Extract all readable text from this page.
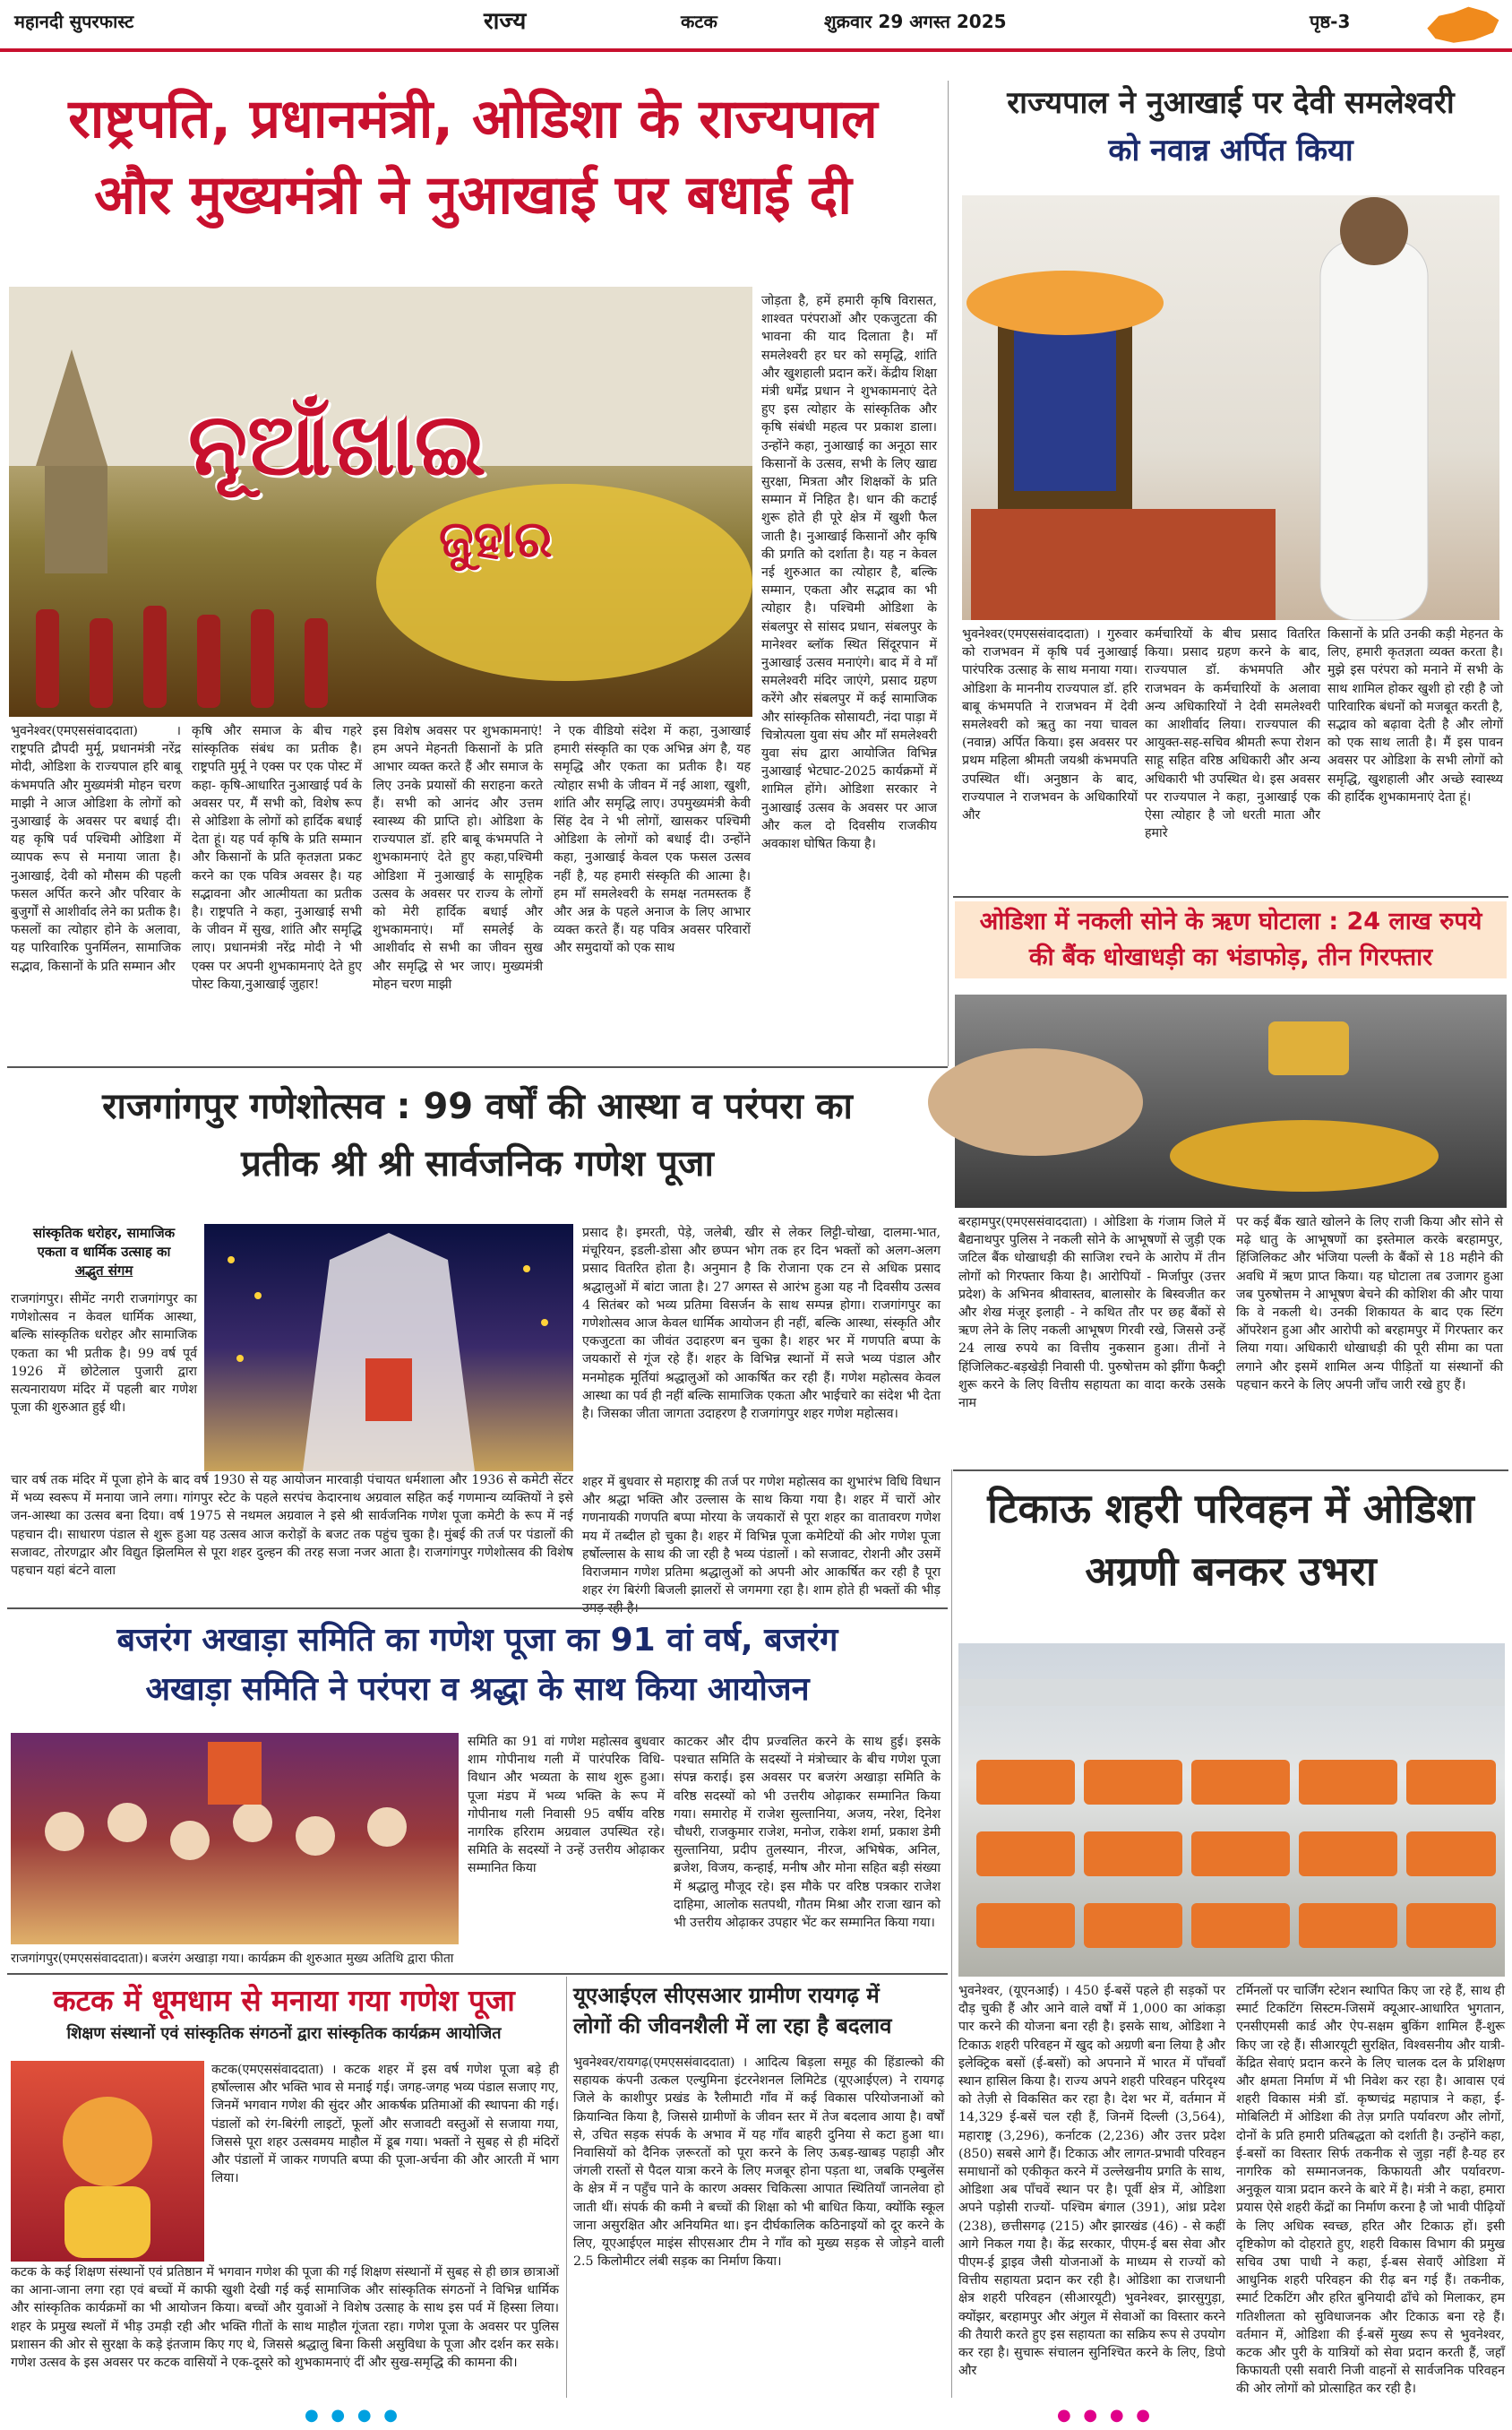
महानदी सुपरफास्ट	राज्य	कटक	शुक्रवार 29 अगस्त 2025	पृष्ठ-3

राष्ट्रपति, प्रधानमंत्री, ओडिशा के राज्यपाल

और मुख्यमंत्री ने नुआखाई पर बधाई दी

ନୂଆଁଖାଇ
ଜୁହାର
भुवनेश्वर(एमएससंवाददाता) । राष्ट्रपति द्रौपदी मुर्मू, प्रधानमंत्री नरेंद्र मोदी, ओडिशा के राज्यपाल हरि बाबू कंभमपति और मुख्यमंत्री मोहन चरण माझी ने आज ओडिशा के लोगों को नुआखाई के अवसर पर बधाई दी। यह कृषि पर्व पश्चिमी ओडिशा में व्यापक रूप से मनाया जाता है। नुआखाई, देवी को मौसम की पहली फसल अर्पित करने और परिवार के बुजुर्गों से आशीर्वाद लेने का प्रतीक है। फसलों का त्योहार होने के अलावा, यह पारिवारिक पुनर्मिलन, सामाजिक सद्भाव, किसानों के प्रति सम्मान और
कृषि और समाज के बीच गहरे सांस्कृतिक संबंध का प्रतीक है। राष्ट्रपति मुर्मू ने एक्स पर एक पोस्ट में कहा- कृषि-आधारित नुआखाई पर्व के अवसर पर, मैं सभी को, विशेष रूप से ओडिशा के लोगों को हार्दिक बधाई देता हूं। यह पर्व कृषि के प्रति सम्मान और किसानों के प्रति कृतज्ञता प्रकट करने का एक पवित्र अवसर है। यह सद्भावना और आत्मीयता का प्रतीक है। राष्ट्रपति ने कहा, नुआखाई सभी के जीवन में सुख, शांति और समृद्धि लाए। प्रधानमंत्री नरेंद्र मोदी ने भी एक्स पर अपनी शुभकामनाएं देते हुए पोस्ट किया,नुआखाई जुहार!
इस विशेष अवसर पर शुभकामनाएं! हम अपने मेहनती किसानों के प्रति आभार व्यक्त करते हैं और समाज के लिए उनके प्रयासों की सराहना करते हैं। सभी को आनंद और उत्तम स्वास्थ्य की प्राप्ति हो। ओडिशा के राज्यपाल डॉ. हरि बाबू कंभमपति ने शुभकामनाएं देते हुए कहा,पश्चिमी ओडिशा में नुआखाई के सामूहिक उत्सव के अवसर पर राज्य के लोगों को मेरी हार्दिक बधाई और शुभकामनाएं। माँ समलेई के आशीर्वाद से सभी का जीवन सुख और समृद्धि से भर जाए। मुख्यमंत्री मोहन चरण माझी
ने एक वीडियो संदेश में कहा, नुआखाई हमारी संस्कृति का एक अभिन्न अंग है, यह समृद्धि और एकता का प्रतीक है। यह त्योहार सभी के जीवन में नई आशा, खुशी, शांति और समृद्धि लाए। उपमुख्यमंत्री केवी सिंह देव ने भी लोगों, खासकर पश्चिमी ओडिशा के लोगों को बधाई दी। उन्होंने कहा, नुआखाई केवल एक फसल उत्सव नहीं है, यह हमारी संस्कृति की आत्मा है। हम माँ समलेश्वरी के समक्ष नतमस्तक हैं और अन्न के पहले अनाज के लिए आभार व्यक्त करते हैं। यह पवित्र अवसर परिवारों और समुदायों को एक साथ
जोड़ता है, हमें हमारी कृषि विरासत, शाश्वत परंपराओं और एकजुटता की भावना की याद दिलाता है। माँ समलेश्वरी हर घर को समृद्धि, शांति और खुशहाली प्रदान करें। केंद्रीय शिक्षा मंत्री धर्मेंद्र प्रधान ने शुभकामनाएं देते हुए इस त्योहार के सांस्कृतिक और कृषि संबंधी महत्व पर प्रकाश डाला। उन्होंने कहा, नुआखाई का अनूठा सार किसानों के उत्सव, सभी के लिए खाद्य सुरक्षा, मित्रता और शिक्षकों के प्रति सम्मान में निहित है। धान की कटाई शुरू होते ही पूरे क्षेत्र में खुशी फैल जाती है। नुआखाई किसानों और कृषि की प्रगति को दर्शाता है। यह न केवल नई शुरुआत का त्योहार है, बल्कि सम्मान, एकता और सद्भाव का भी त्योहार है। पश्चिमी ओडिशा के संबलपुर से सांसद प्रधान, संबलपुर के मानेश्वर ब्लॉक स्थित सिंदूरपान में नुआखाई उत्सव मनाएंगे। बाद में वे माँ समलेश्वरी मंदिर जाएंगे, प्रसाद ग्रहण करेंगे और संबलपुर में कई सामाजिक और सांस्कृतिक सोसायटी, नंदा पाड़ा में चित्रोत्पला युवा संघ और माँ समलेश्वरी युवा संघ द्वारा आयोजित विभिन्न नुआखाई भेटघाट-2025 कार्यक्रमों में शामिल होंगे। ओडिशा सरकार ने नुआखाई उत्सव के अवसर पर आज और कल दो दिवसीय राजकीय अवकाश घोषित किया है।

राज्यपाल ने नुआखाई पर देवी समलेश्वरी

को नवान्न अर्पित किया

भुवनेश्वर(एमएससंवाददाता) । गुरुवार को राजभवन में कृषि पर्व नुआखाई पारंपरिक उत्साह के साथ मनाया गया। ओडिशा के माननीय राज्यपाल डॉ. हरि बाबू कंभमपति ने राजभवन में देवी समलेश्वरी को ऋतु का नया चावल (नवान्न) अर्पित किया। इस अवसर पर प्रथम महिला श्रीमती जयश्री कंभमपति उपस्थित थीं। अनुष्ठान के बाद, राज्यपाल ने राजभवन के अधिकारियों और
कर्मचारियों के बीच प्रसाद वितरित किया। प्रसाद ग्रहण करने के बाद, राज्यपाल डॉ. कंभमपति और राजभवन के कर्मचारियों के अलावा अन्य अधिकारियों ने देवी समलेश्वरी का आशीर्वाद लिया। राज्यपाल की आयुक्त-सह-सचिव श्रीमती रूपा रोशन साहू सहित वरिष्ठ अधिकारी और अन्य अधिकारी भी उपस्थित थे। इस अवसर पर राज्यपाल ने कहा, नुआखाई एक ऐसा त्योहार है जो धरती माता और हमारे
किसानों के प्रति उनकी कड़ी मेहनत के लिए, हमारी कृतज्ञता व्यक्त करता है। मुझे इस परंपरा को मनाने में सभी के साथ शामिल होकर खुशी हो रही है जो पारिवारिक बंधनों को मजबूत करती है, सद्भाव को बढ़ावा देती है और लोगों को एक साथ लाती है। मैं इस पावन अवसर पर ओडिशा के सभी लोगों को समृद्धि, खुशहाली और अच्छे स्वास्थ्य की हार्दिक शुभकामनाएं देता हूं।

ओडिशा में नकली सोने के ऋण घोटाला : 24 लाख रुपये

की बैंक धोखाधड़ी का भंडाफोड़, तीन गिरफ्तार

बरहामपुर(एमएससंवाददाता) । ओडिशा के गंजाम जिले में बैद्यनाथपुर पुलिस ने नकली सोने के आभूषणों से जुड़ी एक जटिल बैंक धोखाधड़ी की साजिश रचने के आरोप में तीन लोगों को गिरफ्तार किया है। आरोपियों - मिर्जापुर (उत्तर प्रदेश) के अभिनव श्रीवास्तव, बालासोर के बिस्वजीत कर और शेख मंजूर इलाही - ने कथित तौर पर छह बैंकों से ऋण लेने के लिए नकली आभूषण गिरवी रखे, जिससे उन्हें 24 लाख रुपये का वित्तीय नुकसान हुआ। तीनों ने हिंजिलिकट-बड़खेड़ी निवासी पी. पुरुषोत्तम को झींगा फैक्ट्री शुरू करने के लिए वित्तीय सहायता का वादा करके उसके नाम
पर कई बैंक खाते खोलने के लिए राजी किया और सोने से मढ़े धातु के आभूषणों का इस्तेमाल करके बरहामपुर, हिंजिलिकट और भंजिया पल्ली के बैंकों से 18 महीने की अवधि में ऋण प्राप्त किया। यह घोटाला तब उजागर हुआ जब पुरुषोत्तम ने आभूषण बेचने की कोशिश की और पाया कि वे नकली थे। उनकी शिकायत के बाद एक स्टिंग ऑपरेशन हुआ और आरोपी को बरहामपुर में गिरफ्तार कर लिया गया। अधिकारी धोखाधड़ी की पूरी सीमा का पता लगाने और इसमें शामिल अन्य पीड़ितों या संस्थानों की पहचान करने के लिए अपनी जाँच जारी रखे हुए हैं।

राजगांगपुर गणेशोत्सव : 99 वर्षों की आस्था व परंपरा का

प्रतीक श्री श्री सार्वजनिक गणेश पूजा

सांस्कृतिक धरोहर, सामाजिक
एकता व धार्मिक उत्साह का
अद्भुत संगम
राजगांगपुर। सीमेंट नगरी राजगांगपुर का गणेशोत्सव न केवल धार्मिक आस्था, बल्कि सांस्कृतिक धरोहर और सामाजिक एकता का भी प्रतीक है। 99 वर्ष पूर्व 1926 में छोटेलाल पुजारी द्वारा सत्यनारायण मंदिर में पहली बार गणेश पूजा की शुरुआत हुई थी।
प्रसाद है। इमरती, पेड़े, जलेबी, खीर से लेकर लिट्टी-चोखा, दालमा-भात, मंचूरियन, इडली-डोसा और छप्पन भोग तक हर दिन भक्तों को अलग-अलग प्रसाद वितरित होता है। अनुमान है कि रोजाना एक टन से अधिक प्रसाद श्रद्धालुओं में बांटा जाता है। 27 अगस्त से आरंभ हुआ यह नौ दिवसीय उत्सव 4 सितंबर को भव्य प्रतिमा विसर्जन के साथ सम्पन्न होगा। राजगांगपुर का गणेशोत्सव आज केवल धार्मिक आयोजन ही नहीं, बल्कि आस्था, संस्कृति और एकजुटता का जीवंत उदाहरण बन चुका है। शहर भर में गणपति बप्पा के जयकारों से गूंज रहे हैं। शहर के विभिन्न स्थानों में सजे भव्य पंडाल और मनमोहक मूर्तियां श्रद्धालुओं को आकर्षित कर रही हैं। गणेश महोत्सव केवल आस्था का पर्व ही नहीं बल्कि सामाजिक एकता और भाईचारे का संदेश भी देता है। जिसका जीता जागता उदाहरण है राजगांगपुर शहर गणेश महोत्सव।
चार वर्ष तक मंदिर में पूजा होने के बाद वर्ष 1930 से यह आयोजन मारवाड़ी पंचायत धर्मशाला और 1936 से कमेटी सेंटर में भव्य स्वरूप में मनाया जाने लगा। गांगपुर स्टेट के पहले सरपंच केदारनाथ अग्रवाल सहित कई गणमान्य व्यक्तियों ने इसे जन-आस्था का उत्सव बना दिया। वर्ष 1975 से नथमल अग्रवाल ने इसे श्री सार्वजनिक गणेश पूजा कमेटी के रूप में नई पहचान दी। साधारण पंडाल से शुरू हुआ यह उत्सव आज करोड़ों के बजट तक पहुंच चुका है। मुंबई की तर्ज पर पंडालों की सजावट, तोरणद्वार और विद्युत झिलमिल से पूरा शहर दुल्हन की तरह सजा नजर आता है। राजगांगपुर गणेशोत्सव की विशेष पहचान यहां बंटने वाला
शहर में बुधवार से महाराष्ट्र की तर्ज पर गणेश महोत्सव का शुभारंभ विधि विधान और श्रद्धा भक्ति और उल्लास के साथ किया गया है। शहर में चारों ओर गणनायकी गणपति बप्पा मोरया के जयकारों से पूरा शहर का वातावरण गणेश मय में तब्दील हो चुका है। शहर में विभिन्न पूजा कमेटियों की ओर गणेश पूजा हर्षोल्लास के साथ की जा रही है भव्य पंडालों । को सजावट, रोशनी और उसमें विराजमान गणेश प्रतिमा श्रद्धालुओं को अपनी ओर आकर्षित कर रही है पूरा शहर रंग बिरंगी बिजली झालरों से जगमगा रहा है। शाम होते ही भक्तों की भीड़

बजरंग अखाड़ा समिति का गणेश पूजा का 91 वां वर्ष, बजरंग

अखाड़ा समिति ने परंपरा व श्रद्धा के साथ किया आयोजन

राजगांगपुर(एमएससंवाददाता)। बजरंग अखाड़ा गया। कार्यक्रम की शुरुआत मुख्य अतिथि द्वारा फीता
समिति का 91 वां गणेश महोत्सव बुधवार शाम गोपीनाथ गली में पारंपरिक विधि-विधान और भव्यता के साथ शुरू हुआ। पूजा मंडप में भव्य भक्ति के रूप में गोपीनाथ गली निवासी 95 वर्षीय वरिष्ठ नागरिक हरिराम अग्रवाल उपस्थित रहे। समिति के सदस्यों ने उन्हें उत्तरीय ओढ़ाकर सम्मानित किया
काटकर और दीप प्रज्वलित करने के साथ हुई। इसके पश्चात समिति के सदस्यों ने मंत्रोच्चार के बीच गणेश पूजा संपन्न कराई। इस अवसर पर बजरंग अखाड़ा समिति के वरिष्ठ सदस्यों को भी उत्तरीय ओढ़ाकर सम्मानित किया गया। समारोह में राजेश सुल्तानिया, अजय, नरेश, दिनेश चौधरी, राजकुमार राजेश, मनोज, राकेश शर्मा, प्रकाश डेमी सुल्तानिया, प्रदीप तुलस्यान, नीरज, अभिषेक, अनिल, ब्रजेश, विजय, कन्हाई, मनीष और मोना सहित बड़ी संख्या में श्रद्धालु मौजूद रहे। इस मौके पर वरिष्ठ पत्रकार राजेश दाहिमा, आलोक सतपथी, गौतम मिश्रा और राजा खान को भी उत्तरीय ओढ़ाकर उपहार भेंट कर सम्मानित किया गया।

कटक में धूमधाम से मनाया गया गणेश पूजा

शिक्षण संस्थानों एवं सांस्कृतिक संगठनों द्वारा सांस्कृतिक कार्यक्रम आयोजित

कटक(एमएससंवाददाता) । कटक शहर में इस वर्ष गणेश पूजा बड़े ही हर्षोल्लास और भक्ति भाव से मनाई गई। जगह-जगह भव्य पंडाल सजाए गए, जिनमें भगवान गणेश की सुंदर और आकर्षक प्रतिमाओं की स्थापना की गई। पंडालों को रंग-बिरंगी लाइटों, फूलों और सजावटी वस्तुओं से सजाया गया, जिससे पूरा शहर उत्सवमय माहौल में डूब गया। भक्तों ने सुबह से ही मंदिरों और पंडालों में जाकर गणपति बप्पा की पूजा-अर्चना की और आरती में भाग लिया।
कटक के कई शिक्षण संस्थानों एवं प्रतिष्ठान में भगवान गणेश की पूजा की गई शिक्षण संस्थानों में सुबह से ही छात्र छात्राओं का आना-जाना लगा रहा एवं बच्चों में काफी खुशी देखी गई कई सामाजिक और सांस्कृतिक संगठनों ने विभिन्न धार्मिक और सांस्कृतिक कार्यक्रमों का भी आयोजन किया। बच्चों और युवाओं ने विशेष उत्साह के साथ इस पर्व में हिस्सा लिया। शहर के प्रमुख स्थलों में भीड़ उमड़ी रही और भक्ति गीतों के साथ माहौल गूंजता रहा। गणेश पूजा के अवसर पर पुलिस प्रशासन की ओर से सुरक्षा के कड़े इंतजाम किए गए थे, जिससे श्रद्धालु बिना किसी असुविधा के पूजा और दर्शन कर सके। गणेश उत्सव के इस अवसर पर कटक वासियों ने एक-दूसरे को शुभकामनाएं दीं और सुख-समृद्धि की कामना की।

यूएआईएल सीएसआर ग्रामीण रायगढ़ में

लोगों की जीवनशैली में ला रहा है बदलाव

भुवनेश्वर/रायगढ़(एमएससंवाददाता) । आदित्य बिड़ला समूह की हिंडाल्को की सहायक कंपनी उत्कल एल्युमिना इंटरनेशनल लिमिटेड (यूएआईएल) ने रायगढ़ जिले के काशीपुर प्रखंड के रैलीमाटी गाँव में कई विकास परियोजनाओं को क्रियान्वित किया है, जिससे ग्रामीणों के जीवन स्तर में तेज बदलाव आया है। वर्षों से, उचित सड़क संपर्क के अभाव में यह गाँव बाहरी दुनिया से कटा हुआ था। निवासियों को दैनिक ज़रूरतों को पूरा करने के लिए ऊबड़-खाबड़ पहाड़ी और जंगली रास्तों से पैदल यात्रा करने के लिए मजबूर होना पड़ता था, जबकि एम्बुलेंस के क्षेत्र में न पहुँच पाने के कारण अक्सर चिकित्सा आपात स्थितियाँ जानलेवा हो जाती थीं। संपर्क की कमी ने बच्चों की शिक्षा को भी बाधित किया, क्योंकि स्कूल जाना असुरक्षित और अनियमित था। इन दीर्घकालिक कठिनाइयों को दूर करने के लिए, यूएआईएल माइंस सीएसआर टीम ने गाँव को मुख्य सड़क से जोड़ने वाली 2.5 किलोमीटर लंबी सड़क का निर्माण किया।

टिकाऊ शहरी परिवहन में ओडिशा

अग्रणी बनकर उभरा

भुवनेश्वर, (यूएनआई) । 450 ई-बसें पहले ही सड़कों पर दौड़ चुकी हैं और आने वाले वर्षों में 1,000 का आंकड़ा पार करने की योजना बना रही है। इसके साथ, ओडिशा ने टिकाऊ शहरी परिवहन में खुद को अग्रणी बना लिया है और इलेक्ट्रिक बसों (ई-बसों) को अपनाने में भारत में पाँचवाँ स्थान हासिल किया है। राज्य अपने शहरी परिवहन परिदृश्य को तेज़ी से विकसित कर रहा है। देश भर में, वर्तमान में 14,329 ई-बसें चल रही हैं, जिनमें दिल्ली (3,564), महाराष्ट्र (3,296), कर्नाटक (2,236) और उत्तर प्रदेश (850) सबसे आगे हैं। टिकाऊ और लागत-प्रभावी परिवहन समाधानों को एकीकृत करने में उल्लेखनीय प्रगति के साथ, ओडिशा अब पाँचवें स्थान पर है। पूर्वी क्षेत्र में, ओडिशा अपने पड़ोसी राज्यों- पश्चिम बंगाल (391), आंध्र प्रदेश (238), छत्तीसगढ़ (215) और झारखंड (46) - से कहीं आगे निकल गया है। केंद्र सरकार, पीएम-ई बस सेवा और पीएम-ई ड्राइव जैसी योजनाओं के माध्यम से राज्यों को वित्तीय सहायता प्रदान कर रही है। ओडिशा का राजधानी क्षेत्र शहरी परिवहन (सीआरयूटी) भुवनेश्वर, झारसुगुड़ा, क्योंझर, बरहामपुर और अंगुल में सेवाओं का विस्तार करने की तैयारी करते हुए इस सहायता का सक्रिय रूप से उपयोग कर रहा है। सुचारू संचालन सुनिश्चित करने के लिए, डिपो और
टर्मिनलों पर चार्जिंग स्टेशन स्थापित किए जा रहे हैं, साथ ही स्मार्ट टिकटिंग सिस्टम-जिसमें क्यूआर-आधारित भुगतान, एनसीएमसी कार्ड और ऐप-सक्षम बुकिंग शामिल हैं-शुरू किए जा रहे हैं। सीआरयूटी सुरक्षित, विश्वसनीय और यात्री-केंद्रित सेवाएं प्रदान करने के लिए चालक दल के प्रशिक्षण और क्षमता निर्माण में भी निवेश कर रहा है। आवास एवं शहरी विकास मंत्री डॉ. कृष्णचंद्र महापात्र ने कहा, ई-मोबिलिटी में ओडिशा की तेज़ प्रगति पर्यावरण और लोगों, दोनों के प्रति हमारी प्रतिबद्धता को दर्शाती है। उन्होंने कहा, ई-बसों का विस्तार सिर्फ तकनीक से जुड़ा नहीं है-यह हर नागरिक को सम्मानजनक, किफायती और पर्यावरण-अनुकूल यात्रा प्रदान करने के बारे में है। मंत्री ने कहा, हमारा प्रयास ऐसे शहरी केंद्रों का निर्माण करना है जो भावी पीढ़ियों के लिए अधिक स्वच्छ, हरित और टिकाऊ हों। इसी दृष्टिकोण को दोहराते हुए, शहरी विकास विभाग की प्रमुख सचिव उषा पाधी ने कहा, ई-बस सेवाएँ ओडिशा में आधुनिक शहरी परिवहन की रीढ़ बन गई हैं। तकनीक, स्मार्ट टिकटिंग और हरित बुनियादी ढाँचे को मिलाकर, हम गतिशीलता को सुविधाजनक और टिकाऊ बना रहे हैं। वर्तमान में, ओडिशा की ई-बसें मुख्य रूप से भुवनेश्वर, कटक और पुरी के यात्रियों को सेवा प्रदान करती हैं, जहाँ किफायती एसी सवारी निजी वाहनों से सार्वजनिक परिवहन की ओर लोगों को प्रोत्साहित कर रही है।
● ● ● ●	● ● ● ●
